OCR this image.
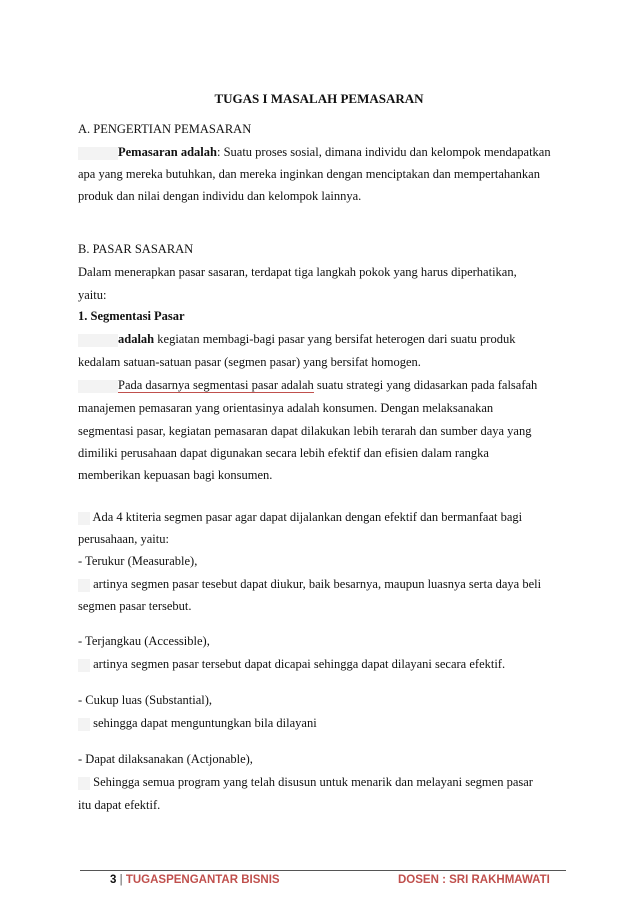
TUGAS I MASALAH PEMASARAN
A. PENGERTIAN PEMASARAN
Pemasaran adalah: Suatu proses sosial, dimana individu dan kelompok mendapatkan
apa yang mereka butuhkan, dan mereka inginkan dengan menciptakan dan mempertahankan
produk dan nilai dengan individu dan kelompok lainnya.
B. PASAR SASARAN
Dalam menerapkan pasar sasaran, terdapat tiga langkah pokok yang harus diperhatikan,
yaitu:
1. Segmentasi Pasar
adalah kegiatan membagi-bagi pasar yang bersifat heterogen dari suatu produk
kedalam satuan-satuan pasar (segmen pasar) yang bersifat homogen.
Pada dasarnya segmentasi pasar adalah suatu strategi yang didasarkan pada falsafah
manajemen pemasaran yang orientasinya adalah konsumen. Dengan melaksanakan
segmentasi pasar, kegiatan pemasaran dapat dilakukan lebih terarah dan sumber daya yang
dimiliki perusahaan dapat digunakan secara lebih efektif dan efisien dalam rangka
memberikan kepuasan bagi konsumen.
Ada 4 ktiteria segmen pasar agar dapat dijalankan dengan efektif dan bermanfaat bagi
perusahaan, yaitu:
- Terukur (Measurable),
artinya segmen pasar tesebut dapat diukur, baik besarnya, maupun luasnya serta daya beli
segmen pasar tersebut.
- Terjangkau (Accessible),
artinya segmen pasar tersebut dapat dicapai sehingga dapat dilayani secara efektif.
- Cukup luas (Substantial),
sehingga dapat menguntungkan bila dilayani
- Dapat dilaksanakan (Actjonable),
Sehingga semua program yang telah disusun untuk menarik dan melayani segmen pasar
itu dapat efektif.
3 | TUGASPENGANTAR BISNIS	DOSEN : SRI RAKHMAWATI
